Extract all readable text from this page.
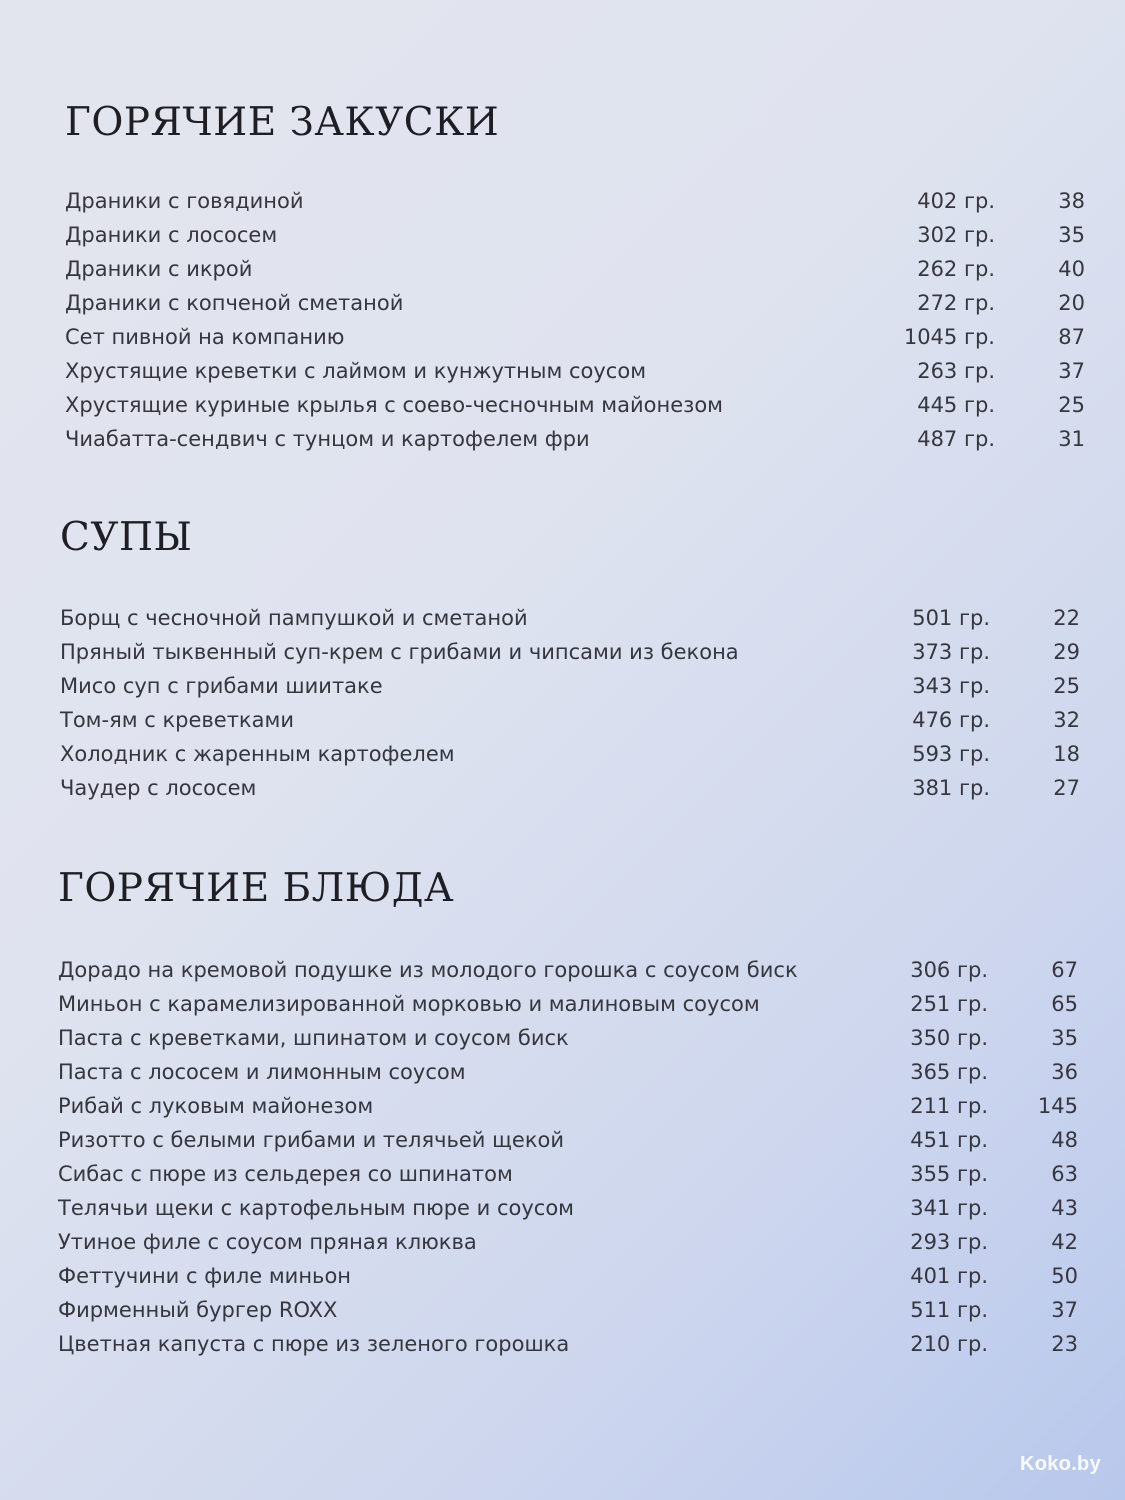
ГОРЯЧИЕ ЗАКУСКИ
Драники с говядиной	402 гр.	38
Драники с лососем	302 гр.	35
Драники с икрой	262 гр.	40
Драники с копченой сметаной	272 гр.	20
Сет пивной на компанию	1045 гр.	87
Хрустящие креветки с лаймом и кунжутным соусом	263 гр.	37
Хрустящие куриные крылья с соево-чесночным майонезом	445 гр.	25
Чиабатта-сендвич с тунцом и картофелем фри	487 гр.	31
СУПЫ
Борщ с чесночной пампушкой и сметаной	501 гр.	22
Пряный тыквенный суп-крем с грибами и чипсами из бекона	373 гр.	29
Мисо суп с грибами шиитаке	343 гр.	25
Том-ям с креветками	476 гр.	32
Холодник с жаренным картофелем	593 гр.	18
Чаудер с лососем	381 гр.	27
ГОРЯЧИЕ БЛЮДА
Дорадо на кремовой подушке из молодого горошка с соусом биск	306 гр.	67
Миньон с карамелизированной морковью и малиновым соусом	251 гр.	65
Паста с креветками, шпинатом и соусом биск	350 гр.	35
Паста с лососем и лимонным соусом	365 гр.	36
Рибай с луковым майонезом	211 гр.	145
Ризотто с белыми грибами и телячьей щекой	451 гр.	48
Сибас с пюре из сельдерея со шпинатом	355 гр.	63
Телячьи щеки с картофельным пюре и соусом	341 гр.	43
Утиное филе с соусом пряная клюква	293 гр.	42
Феттучини с филе миньон	401 гр.	50
Фирменный бургер ROXX	511 гр.	37
Цветная капуста с пюре из зеленого горошка	210 гр.	23
Koko.by
